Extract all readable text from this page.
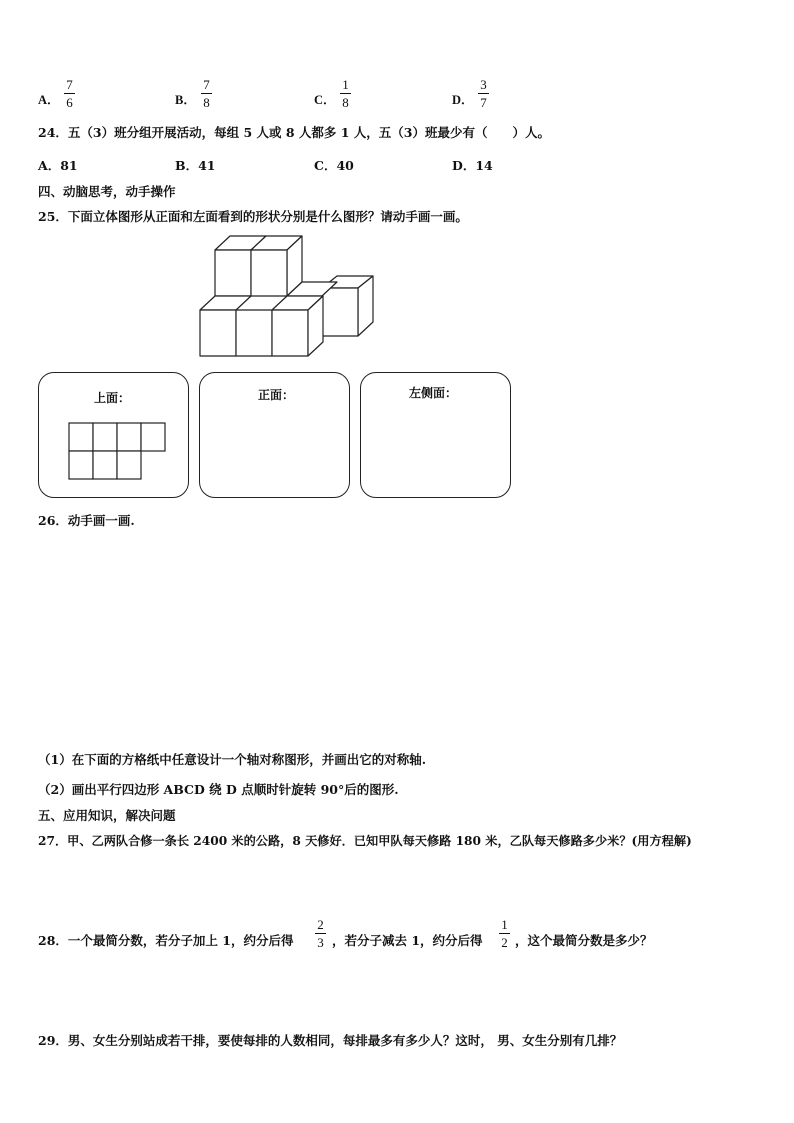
A．
7
6	B．
7
8	C．
1
8	D．
3
7
24．五（3）班分组开展活动，每组 5 人或 8 人都多 1 人，五（3）班最少有（　　）人。
A．81	B．41	C．40	D．14
四、动脑思考，动手操作
25．下面立体图形从正面和左面看到的形状分别是什么图形？请动手画一画。
上面：	正面：	左侧面：
26．动手画一画.
（1）在下面的方格纸中任意设计一个轴对称图形，并画出它的对称轴.
（2）画出平行四边形 ABCD 绕 D 点顺时针旋转 90°后的图形.
五、应用知识，解决问题
27．甲、乙两队合修一条长 2400 米的公路，8 天修好．已知甲队每天修路 180 米，乙队每天修路多少米？(用方程解)
28．一个最简分数，若分子加上 1，约分后得
2
3 ，若分子减去 1，约分后得
1
2 ，这个最简分数是多少？
29．男、女生分别站成若干排，要使每排的人数相同，每排最多有多少人？这时， 男、女生分别有几排？
